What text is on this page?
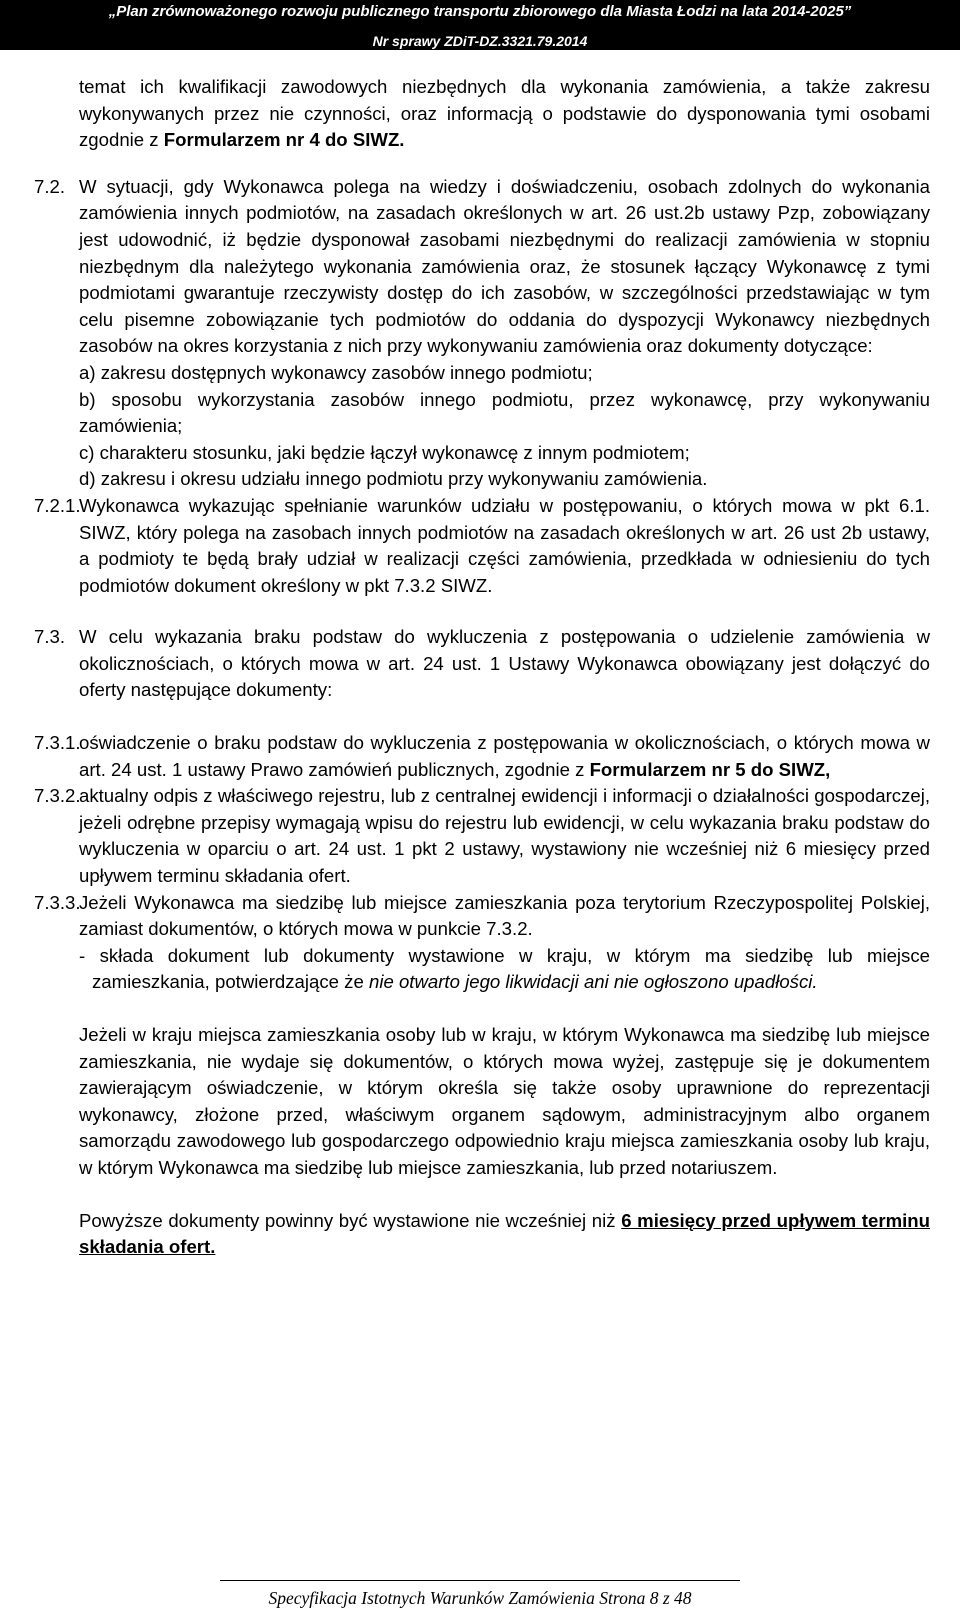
„Plan zrównoważonego rozwoju publicznego transportu zbiorowego dla Miasta Łodzi na lata 2014-2025”
Nr sprawy ZDiT-DZ.3321.79.2014

temat ich kwalifikacji zawodowych niezbędnych dla wykonania zamówienia, a także zakresu wykonywanych przez nie czynności, oraz informacją o podstawie do dysponowania tymi osobami zgodnie z Formularzem nr 4 do SIWZ.

7.2. W sytuacji, gdy Wykonawca polega na wiedzy i doświadczeniu, osobach zdolnych do wykonania zamówienia innych podmiotów, na zasadach określonych w art. 26 ust.2b ustawy Pzp, zobowiązany jest udowodnić, iż będzie dysponował zasobami niezbędnymi do realizacji zamówienia w stopniu niezbędnym dla należytego wykonania zamówienia oraz, że stosunek łączący Wykonawcę z tymi podmiotami gwarantuje rzeczywisty dostęp do ich zasobów, w szczególności przedstawiając w tym celu pisemne zobowiązanie tych podmiotów do oddania do dyspozycji Wykonawcy niezbędnych zasobów na okres korzystania z nich przy wykonywaniu zamówienia oraz dokumenty dotyczące:

a) zakresu dostępnych wykonawcy zasobów innego podmiotu;

b) sposobu wykorzystania zasobów innego podmiotu, przez wykonawcę, przy wykonywaniu zamówienia;

c) charakteru stosunku, jaki będzie łączył wykonawcę z innym podmiotem;

d) zakresu i okresu udziału innego podmiotu przy wykonywaniu zamówienia.

7.2.1.

Wykonawca wykazując spełnianie warunków udziału w postępowaniu, o których mowa w pkt 6.1. SIWZ, który polega na zasobach innych podmiotów na zasadach określonych w art. 26 ust 2b ustawy, a podmioty te będą brały udział w realizacji części zamówienia, przedkłada w odniesieniu do tych podmiotów dokument określony w pkt 7.3.2 SIWZ.

7.3. W celu wykazania braku podstaw do wykluczenia z postępowania o udzielenie zamówienia w okolicznościach, o których mowa w art. 24 ust. 1 Ustawy Wykonawca obowiązany jest dołączyć do oferty następujące dokumenty:

7.3.1.

oświadczenie o braku podstaw do wykluczenia z postępowania w okolicznościach, o których mowa w art. 24 ust. 1 ustawy Prawo zamówień publicznych, zgodnie z Formularzem nr 5 do SIWZ,

7.3.2.

aktualny odpis z właściwego rejestru, lub z centralnej ewidencji i informacji o działalności gospodarczej, jeżeli odrębne przepisy wymagają wpisu do rejestru lub ewidencji, w celu wykazania braku podstaw do wykluczenia w oparciu o art. 24 ust. 1 pkt 2 ustawy, wystawiony nie wcześniej niż 6 miesięcy przed upływem terminu składania ofert.

7.3.3.

Jeżeli Wykonawca ma siedzibę lub miejsce zamieszkania poza terytorium Rzeczypospolitej Polskiej, zamiast dokumentów, o których mowa w punkcie 7.3.2.

- składa dokument lub dokumenty wystawione w kraju, w którym ma siedzibę lub miejsce zamieszkania, potwierdzające że nie otwarto jego likwidacji ani nie ogłoszono upadłości.

Jeżeli w kraju miejsca zamieszkania osoby lub w kraju, w którym Wykonawca ma siedzibę lub miejsce zamieszkania, nie wydaje się dokumentów, o których mowa wyżej, zastępuje się je dokumentem zawierającym oświadczenie, w którym określa się także osoby uprawnione do reprezentacji wykonawcy, złożone przed, właściwym organem sądowym, administracyjnym albo organem samorządu zawodowego lub gospodarczego odpowiednio kraju miejsca zamieszkania osoby lub kraju, w którym Wykonawca ma siedzibę lub miejsce zamieszkania, lub przed notariuszem.

Powyższe dokumenty powinny być wystawione nie wcześniej niż 6 miesięcy przed upływem terminu składania ofert.

Specyfikacja Istotnych Warunków Zamówienia Strona 8 z 48
